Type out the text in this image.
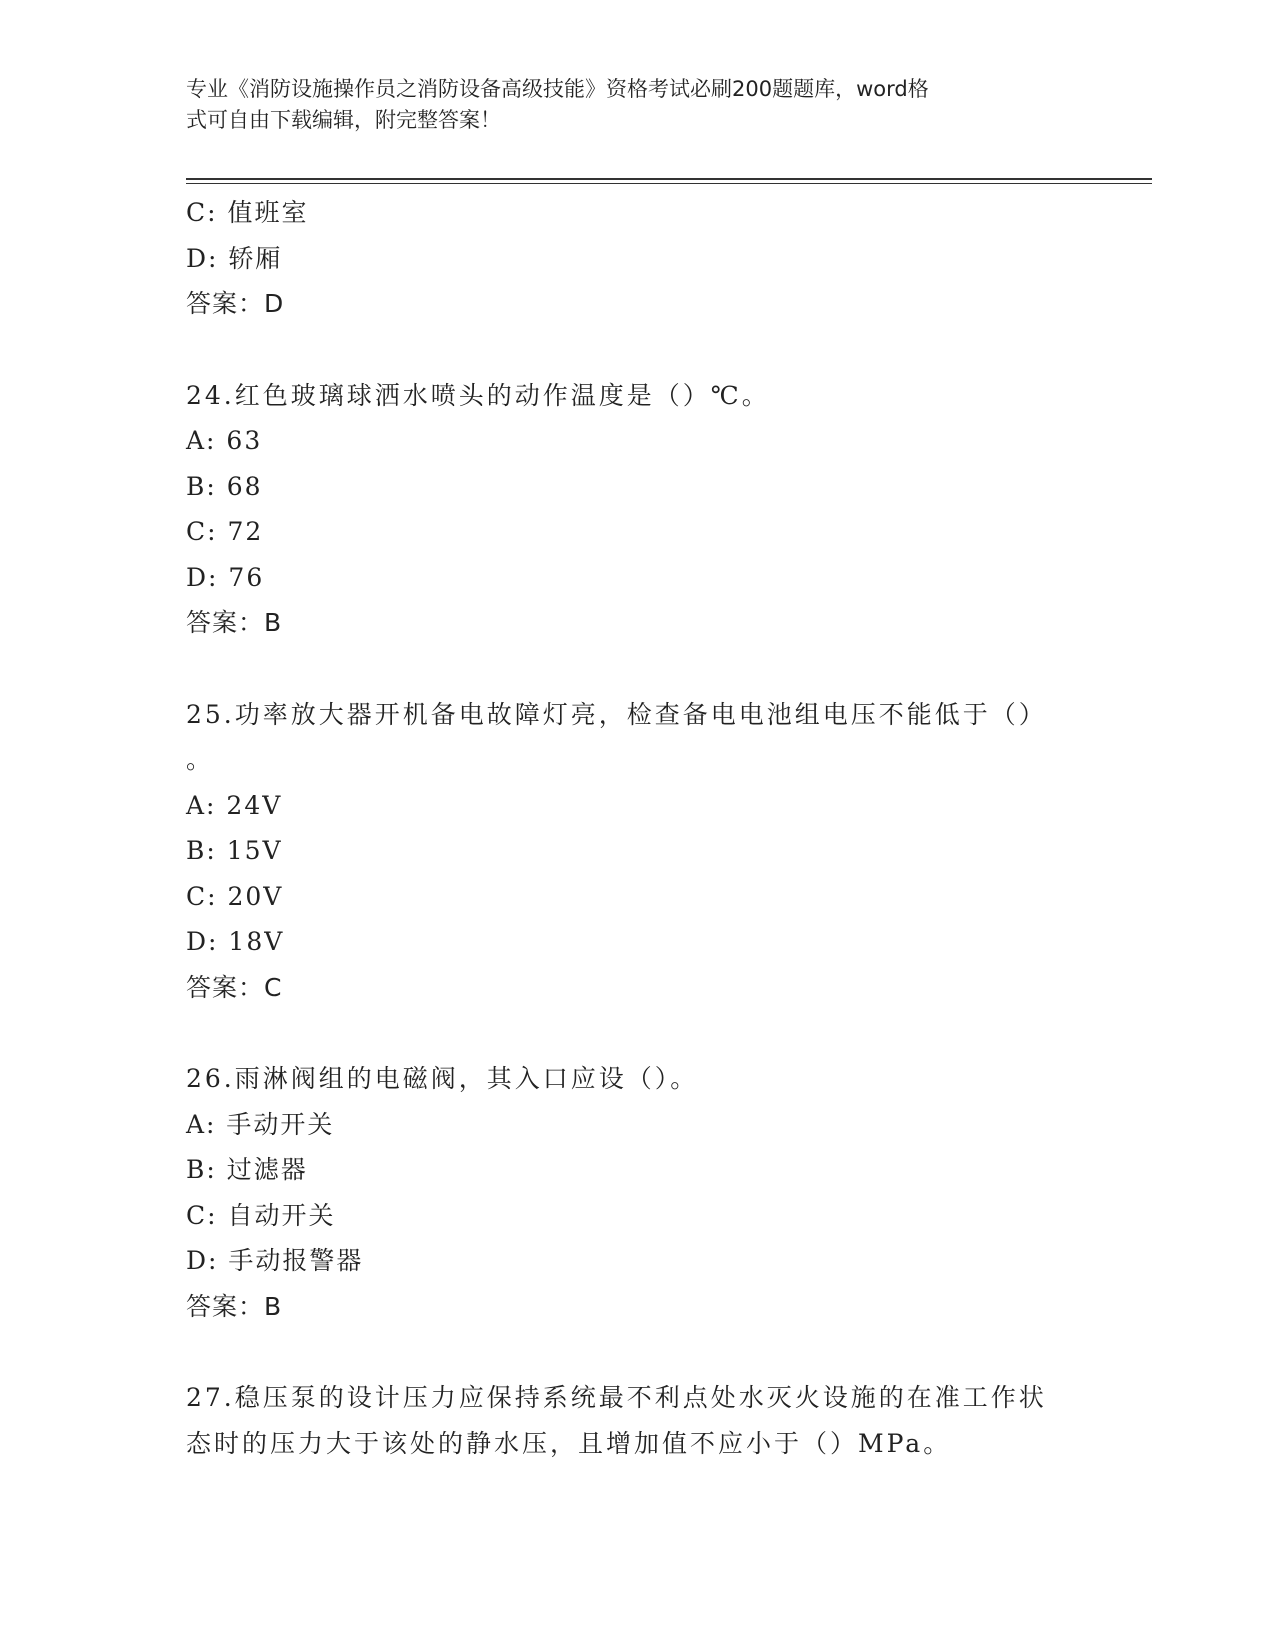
专业《消防设施操作员之消防设备高级技能》资格考试必刷200题题库，word格
式可自由下载编辑，附完整答案！
C: 值班室
D: 轿厢
答案：D
24.红色玻璃球洒水喷头的动作温度是（）℃。
A: 63
B: 68
C: 72
D: 76
答案：B
25.功率放大器开机备电故障灯亮，检查备电电池组电压不能低于（）
。
A: 24V
B: 15V
C: 20V
D: 18V
答案：C
26.雨淋阀组的电磁阀，其入口应设（）。
A: 手动开关
B: 过滤器
C: 自动开关
D: 手动报警器
答案：B
27.稳压泵的设计压力应保持系统最不利点处水灭火设施的在准工作状
态时的压力大于该处的静水压，且增加值不应小于（）MPa。
